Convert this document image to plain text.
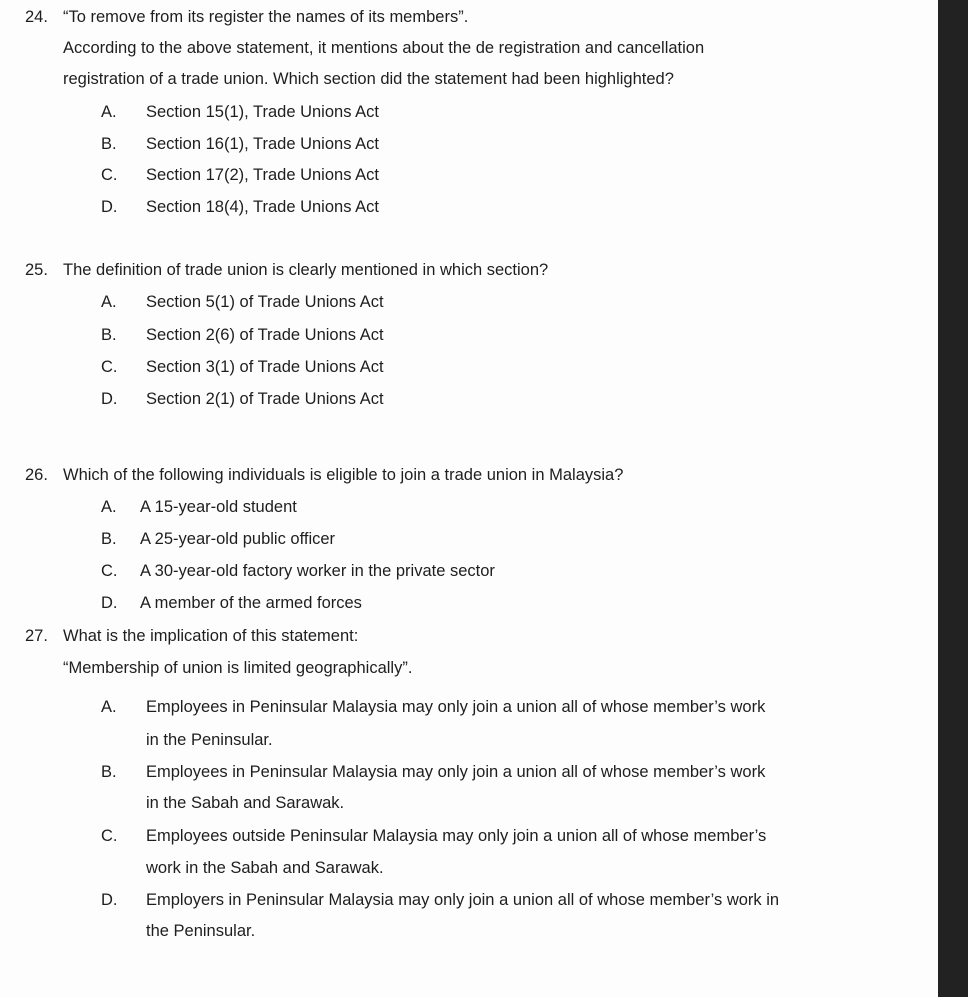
24. “To remove from its register the names of its members”.
According to the above statement, it mentions about the de registration and cancellation
registration of a trade union. Which section did the statement had been highlighted?
A. Section 15(1), Trade Unions Act
B. Section 16(1), Trade Unions Act
C. Section 17(2), Trade Unions Act
D. Section 18(4), Trade Unions Act
25. The definition of trade union is clearly mentioned in which section?
A. Section 5(1) of Trade Unions Act
B. Section 2(6) of Trade Unions Act
C. Section 3(1) of Trade Unions Act
D. Section 2(1) of Trade Unions Act
26. Which of the following individuals is eligible to join a trade union in Malaysia?
A. A 15-year-old student
B. A 25-year-old public officer
C. A 30-year-old factory worker in the private sector
D. A member of the armed forces
27. What is the implication of this statement:
“Membership of union is limited geographically”.
A. Employees in Peninsular Malaysia may only join a union all of whose member’s work
in the Peninsular.
B. Employees in Peninsular Malaysia may only join a union all of whose member’s work
in the Sabah and Sarawak.
C. Employees outside Peninsular Malaysia may only join a union all of whose member’s
work in the Sabah and Sarawak.
D. Employers in Peninsular Malaysia may only join a union all of whose member’s work in
the Peninsular.
